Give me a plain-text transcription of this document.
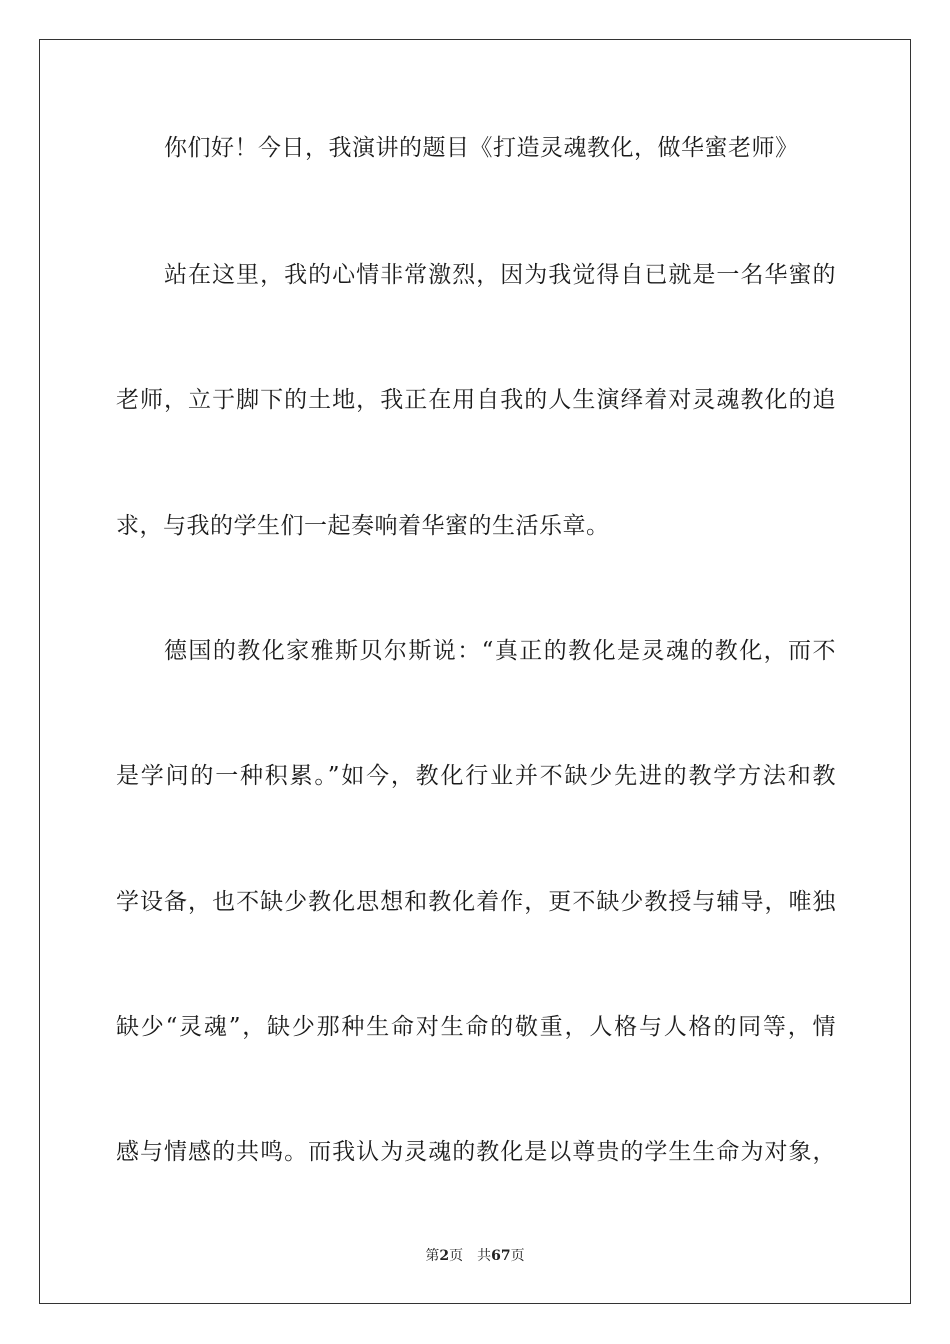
你们好！今日，我演讲的题目《打造灵魂教化，做华蜜老师》
站在这里，我的心情非常激烈，因为我觉得自已就是一名华蜜的
老师，立于脚下的土地，我正在用自我的人生演绎着对灵魂教化的追
求，与我的学生们一起奏响着华蜜的生活乐章。
德国的教化家雅斯贝尔斯说：“真正的教化是灵魂的教化，而不
是学问的一种积累。”如今，教化行业并不缺少先进的教学方法和教
学设备，也不缺少教化思想和教化着作，更不缺少教授与辅导，唯独
缺少“灵魂”，缺少那种生命对生命的敬重，人格与人格的同等，情
感与情感的共鸣。而我认为灵魂的教化是以尊贵的学生生命为对象，
第2页 共67页
